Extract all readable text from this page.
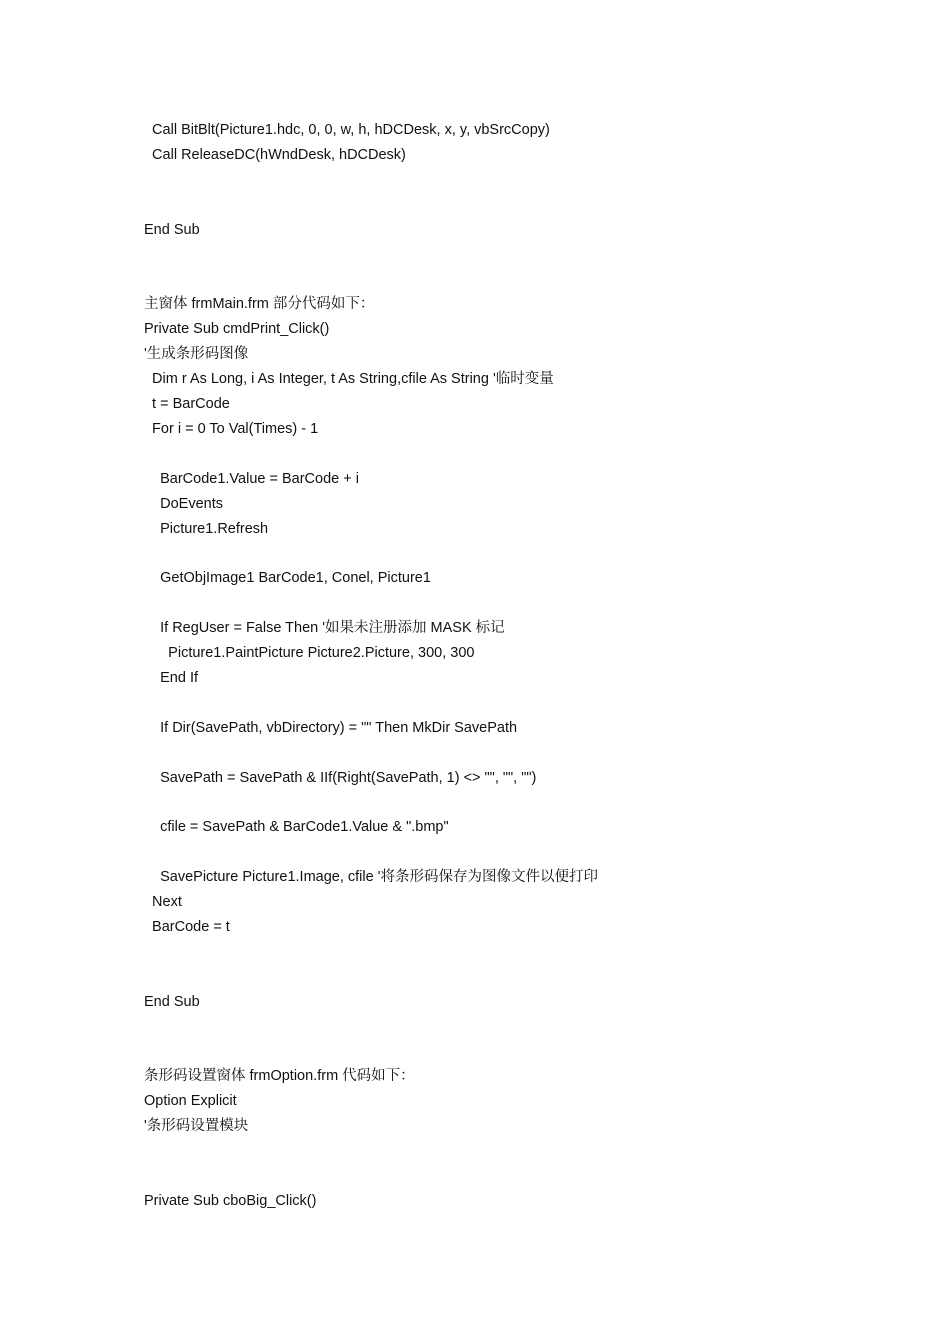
Call BitBlt(Picture1.hdc, 0, 0, w, h, hDCDesk, x, y, vbSrcCopy)
Call ReleaseDC(hWndDesk, hDCDesk)
End Sub
主窗体 frmMain.frm 部分代码如下：
Private Sub cmdPrint_Click()
'生成条形码图像
Dim r As Long, i As Integer, t As String,cfile As String '临时变量
t = BarCode
For i = 0 To Val(Times) - 1
BarCode1.Value = BarCode + i
DoEvents
Picture1.Refresh
GetObjImage1 BarCode1, Conel, Picture1
If RegUser = False Then '如果未注册添加 MASK 标记
Picture1.PaintPicture Picture2.Picture, 300, 300
End If
If Dir(SavePath, vbDirectory) = "" Then MkDir SavePath
SavePath = SavePath & IIf(Right(SavePath, 1) <> "", "", "")
cfile = SavePath & BarCode1.Value & ".bmp"
SavePicture Picture1.Image, cfile '将条形码保存为图像文件以便打印
Next
BarCode = t
End Sub
条形码设置窗体 frmOption.frm 代码如下：
Option Explicit
'条形码设置模块
Private Sub cboBig_Click()
